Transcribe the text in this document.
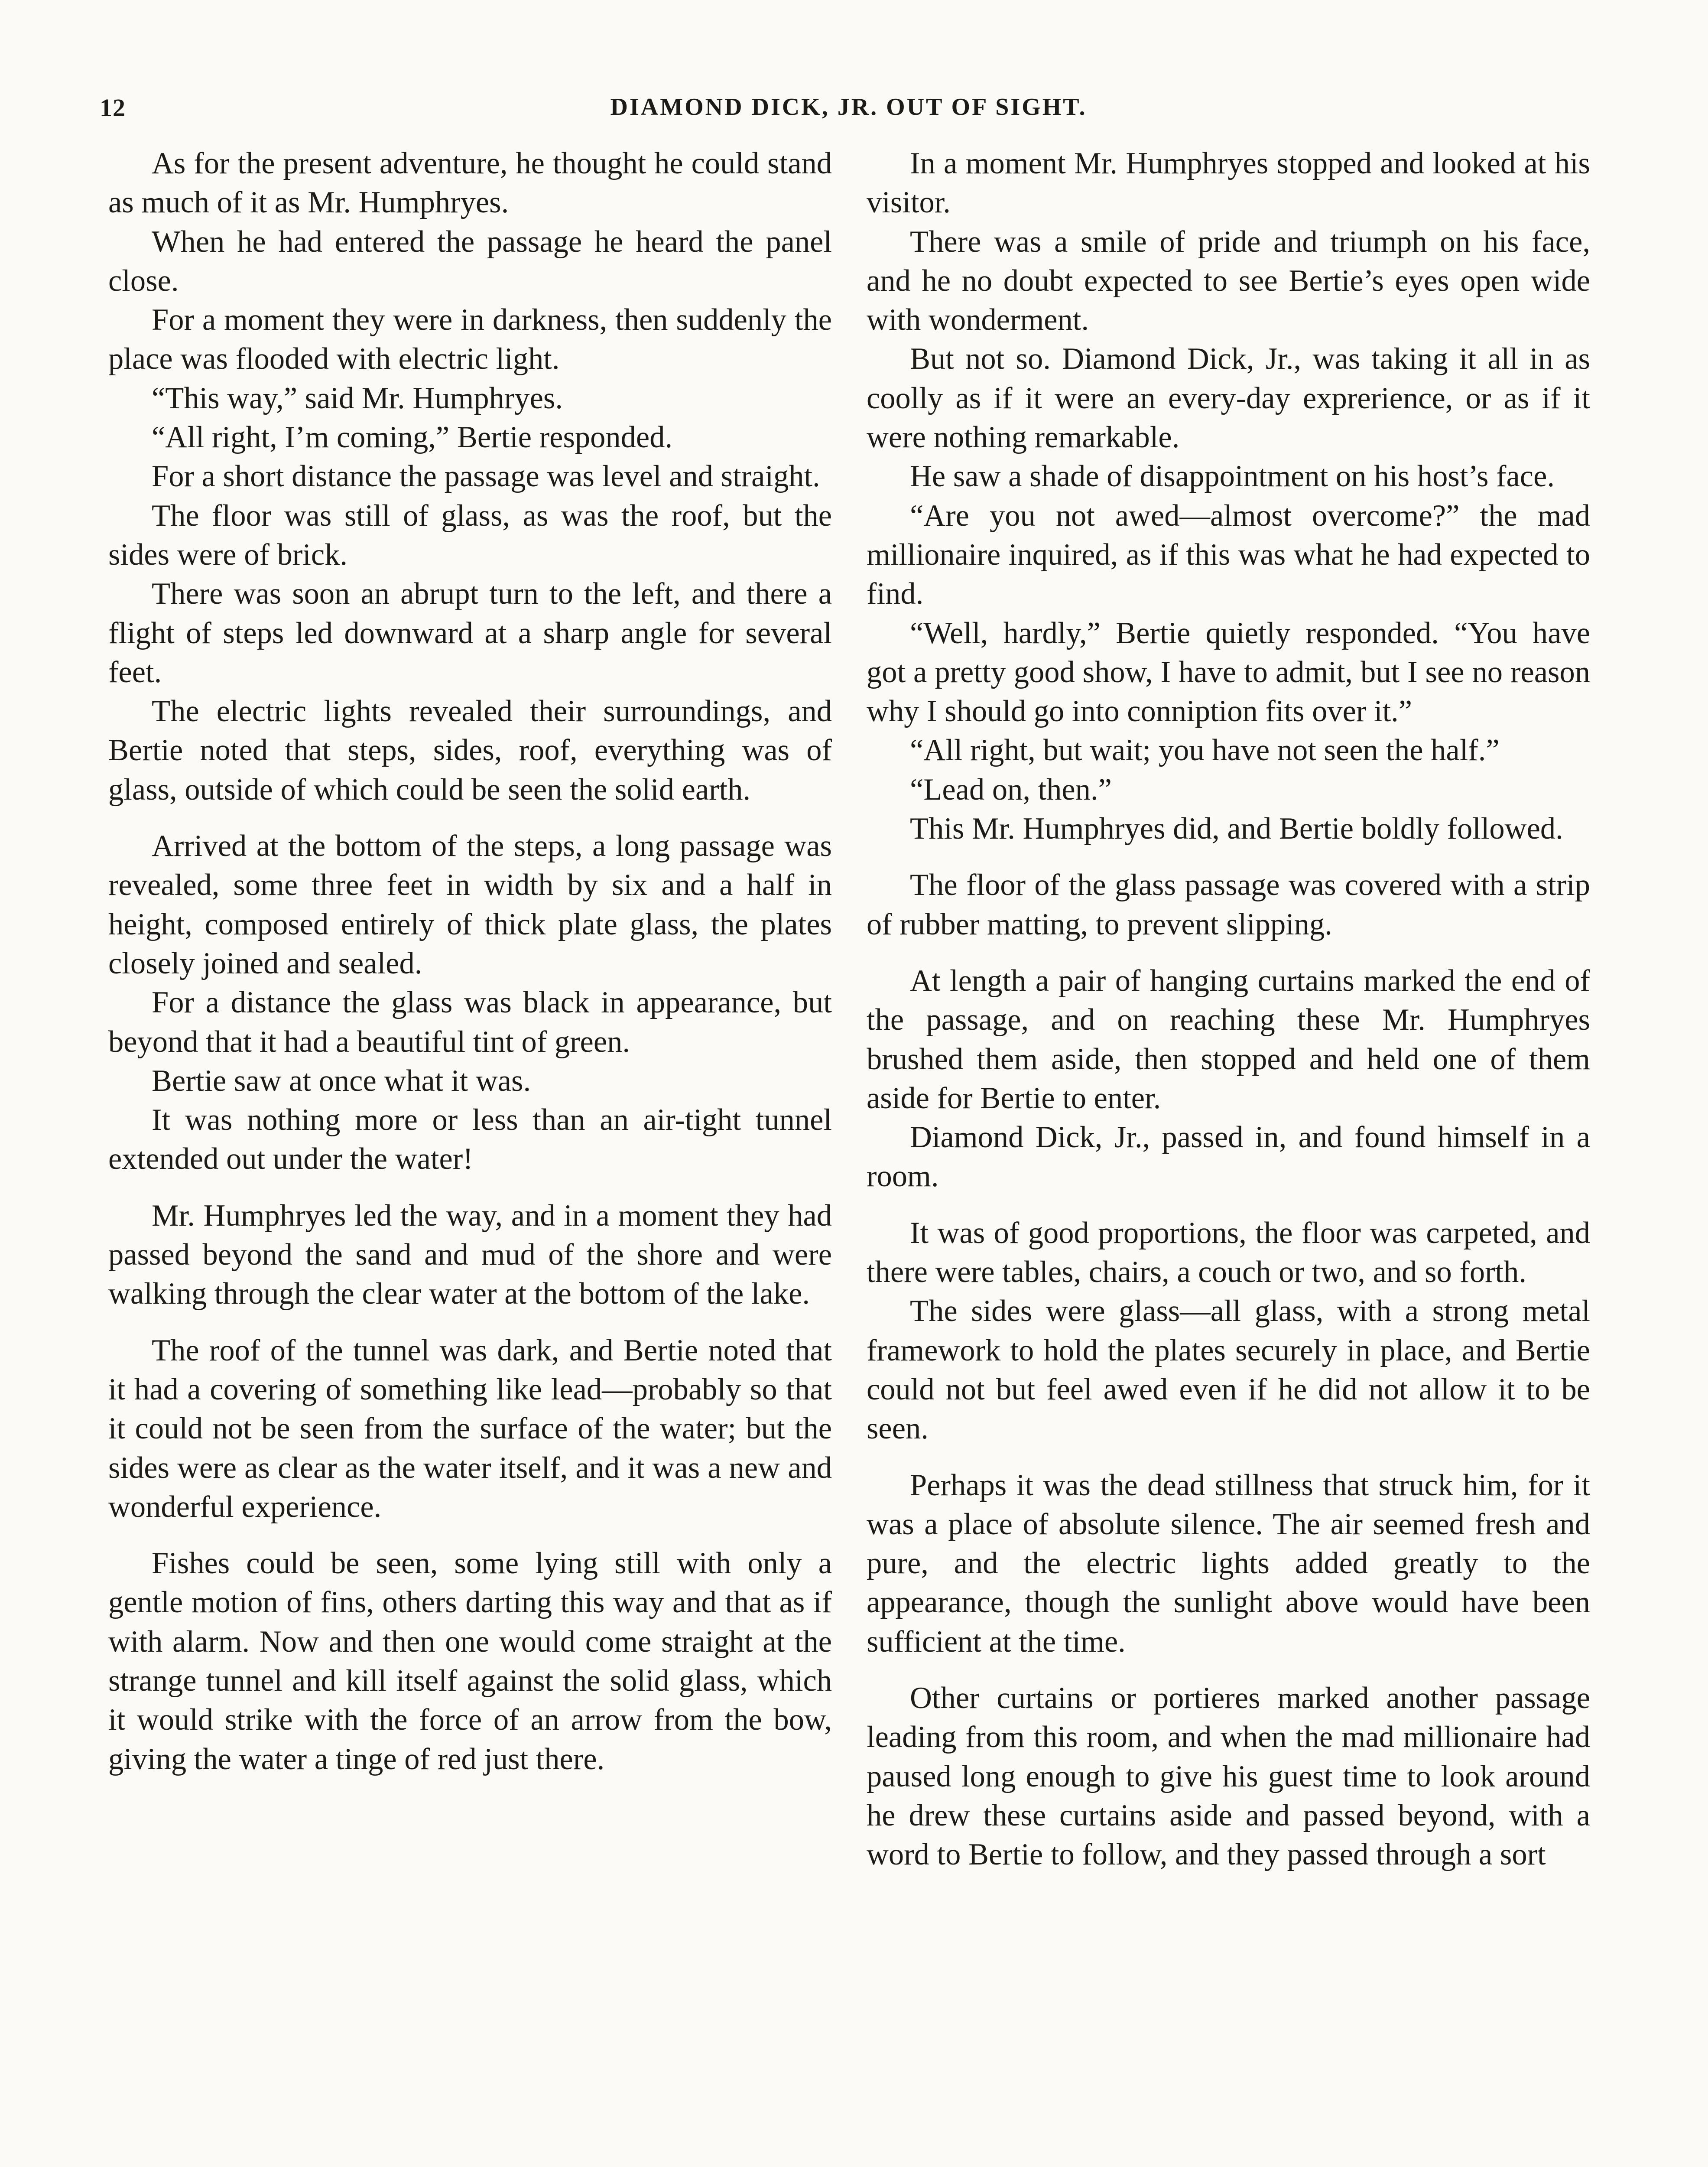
12	DIAMOND DICK, JR. OUT OF SIGHT.

As for the present adventure, he thought he could stand as much of it as Mr. Humphryes.

When he had entered the passage he heard the panel close.

For a moment they were in darkness, then suddenly the place was flooded with electric light.

“This way,” said Mr. Humphryes.

“All right, I’m coming,” Bertie responded.

For a short distance the passage was level and straight.

The floor was still of glass, as was the roof, but the sides were of brick.

There was soon an abrupt turn to the left, and there a flight of steps led downward at a sharp angle for several feet.

The electric lights revealed their surroundings, and Bertie noted that steps, sides, roof, everything was of glass, outside of which could be seen the solid earth.

Arrived at the bottom of the steps, a long passage was revealed, some three feet in width by six and a half in height, composed entirely of thick plate glass, the plates closely joined and sealed.

For a distance the glass was black in appearance, but beyond that it had a beautiful tint of green.

Bertie saw at once what it was.

It was nothing more or less than an air-tight tunnel extended out under the water!

Mr. Humphryes led the way, and in a moment they had passed beyond the sand and mud of the shore and were walking through the clear water at the bottom of the lake.

The roof of the tunnel was dark, and Bertie noted that it had a covering of something like lead—probably so that it could not be seen from the surface of the water; but the sides were as clear as the water itself, and it was a new and wonderful experience.

Fishes could be seen, some lying still with only a gentle motion of fins, others darting this way and that as if with alarm. Now and then one would come straight at the strange tunnel and kill itself against the solid glass, which it would strike with the force of an arrow from the bow, giving the water a tinge of red just there.

In a moment Mr. Humphryes stopped and looked at his visitor.

There was a smile of pride and triumph on his face, and he no doubt expected to see Bertie’s eyes open wide with wonderment.

But not so. Diamond Dick, Jr., was taking it all in as coolly as if it were an every-day exprerience, or as if it were nothing remarkable.

He saw a shade of disappointment on his host’s face.

“Are you not awed—almost overcome?” the mad millionaire inquired, as if this was what he had expected to find.

“Well, hardly,” Bertie quietly responded. “You have got a pretty good show, I have to admit, but I see no reason why I should go into conniption fits over it.”

“All right, but wait; you have not seen the half.”

“Lead on, then.”

This Mr. Humphryes did, and Bertie boldly followed.

The floor of the glass passage was covered with a strip of rubber matting, to prevent slipping.

At length a pair of hanging curtains marked the end of the passage, and on reaching these Mr. Humphryes brushed them aside, then stopped and held one of them aside for Bertie to enter.

Diamond Dick, Jr., passed in, and found himself in a room.

It was of good proportions, the floor was carpeted, and there were tables, chairs, a couch or two, and so forth.

The sides were glass—all glass, with a strong metal framework to hold the plates securely in place, and Bertie could not but feel awed even if he did not allow it to be seen.

Perhaps it was the dead stillness that struck him, for it was a place of absolute silence. The air seemed fresh and pure, and the electric lights added greatly to the appearance, though the sunlight above would have been sufficient at the time.

Other curtains or portieres marked another passage leading from this room, and when the mad millionaire had paused long enough to give his guest time to look around he drew these curtains aside and passed beyond, with a word to Bertie to follow, and they passed through a sort
